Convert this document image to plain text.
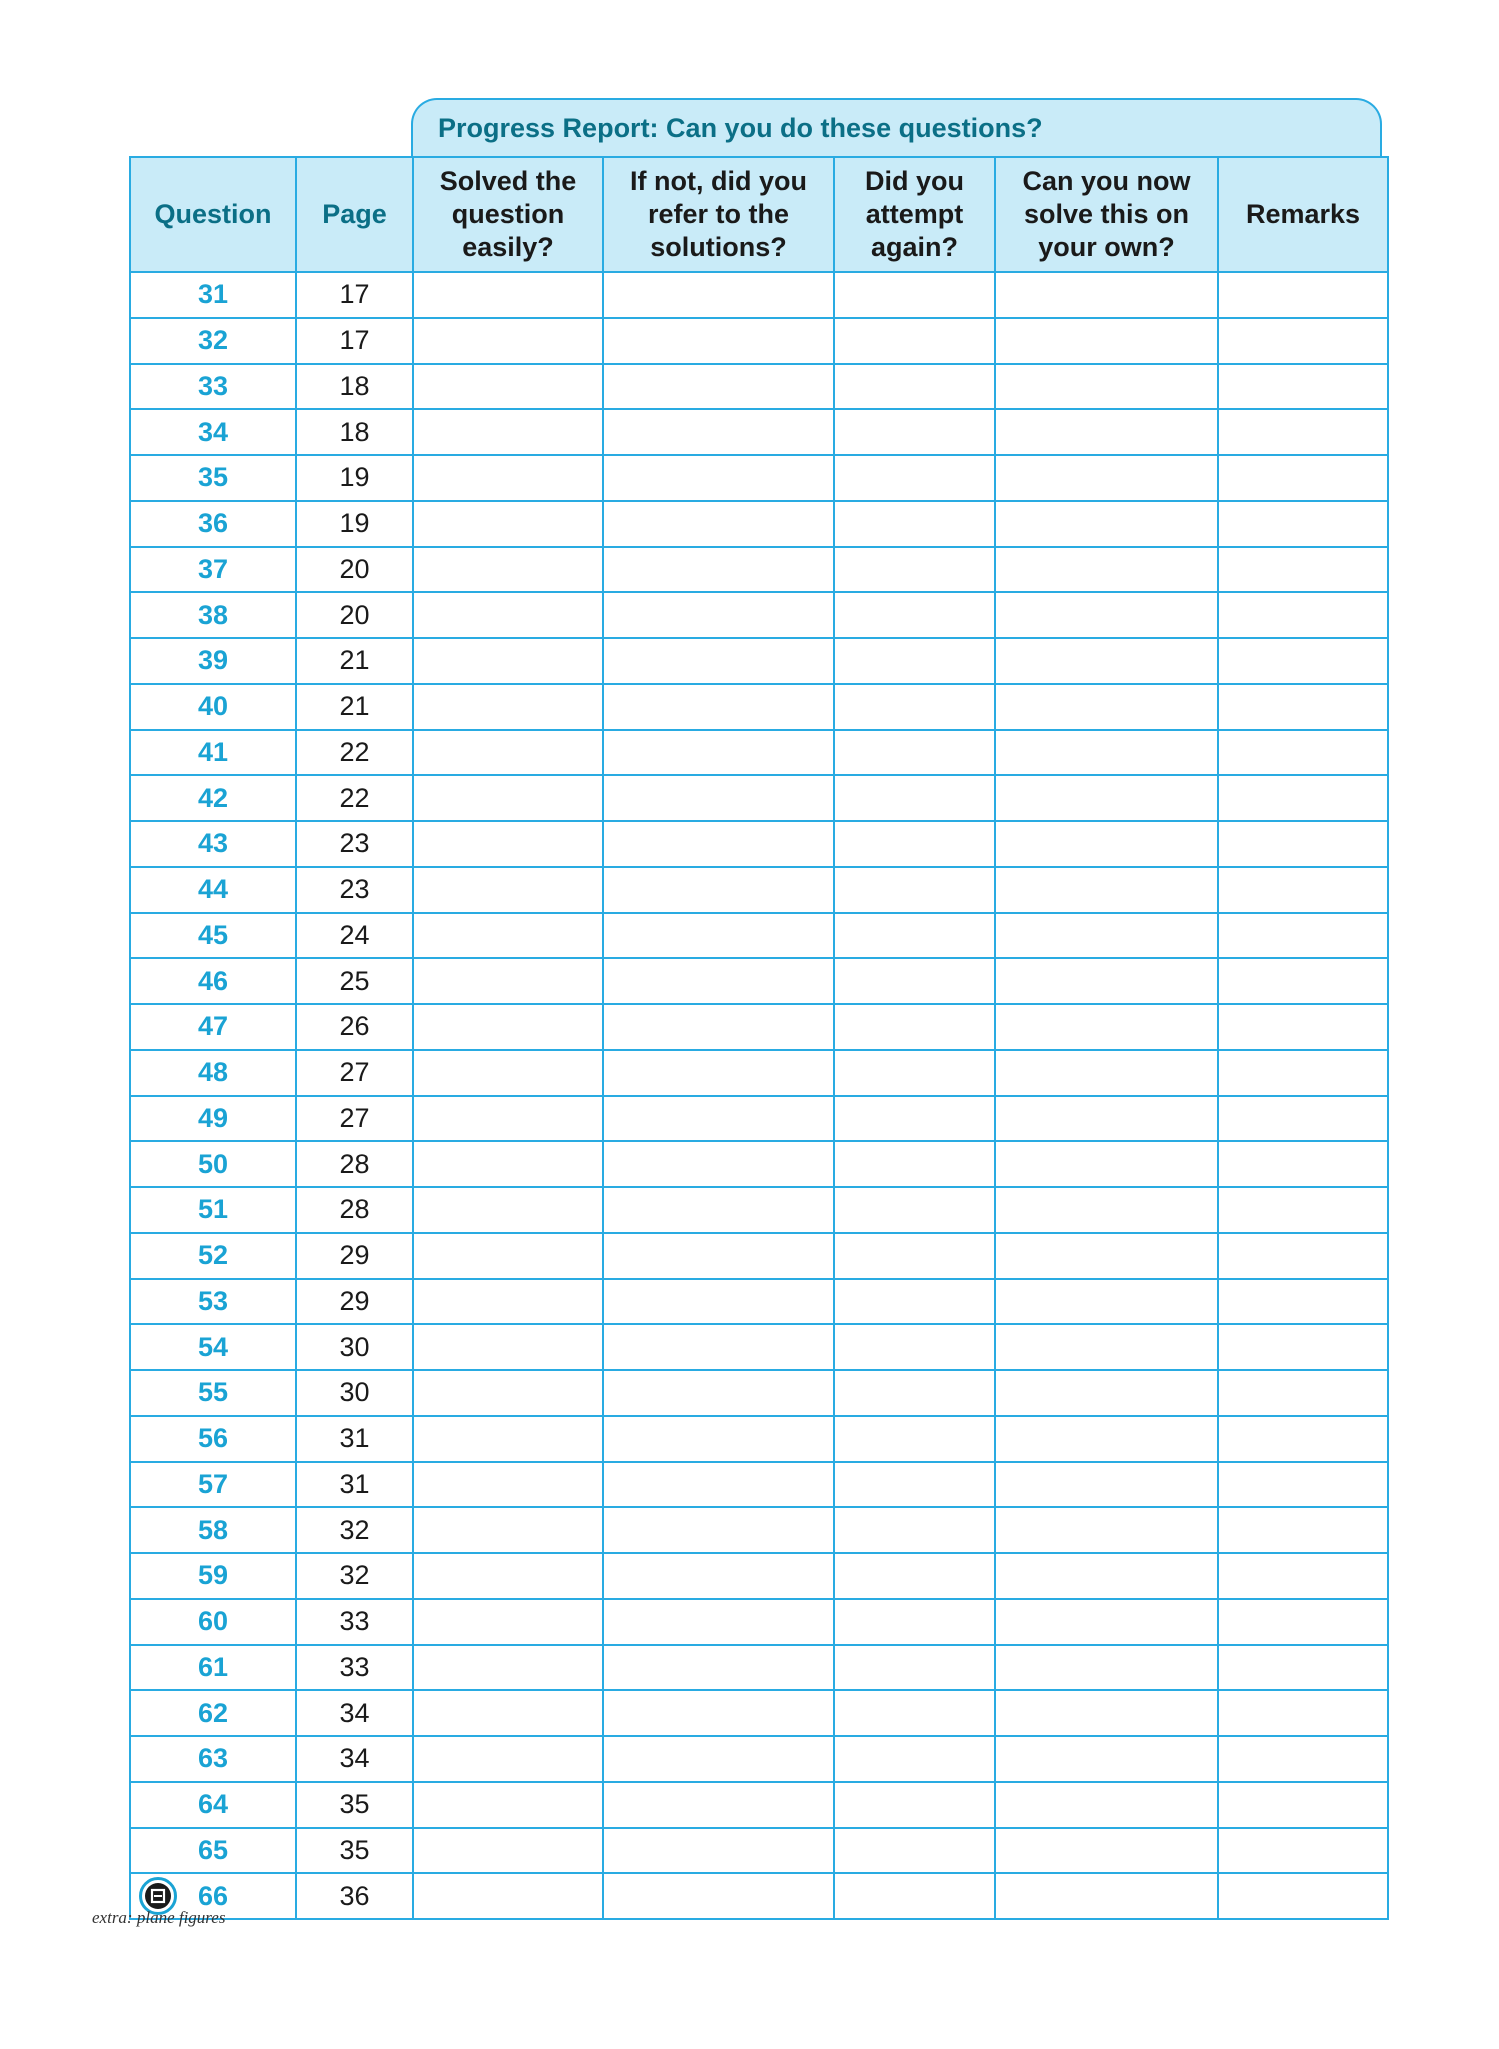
Progress Report: Can you do these questions?
Question	Page	Solved the
question
easily?	If not, did you
refer to the
solutions?	Did you
attempt
again?	Can you now
solve this on
your own?	Remarks
31	17					
32	17					
33	18					
34	18					
35	19					
36	19					
37	20					
38	20					
39	21					
40	21					
41	22					
42	22					
43	23					
44	23					
45	24					
46	25					
47	26					
48	27					
49	27					
50	28					
51	28					
52	29					
53	29					
54	30					
55	30					
56	31					
57	31					
58	32					
59	32					
60	33					
61	33					
62	34					
63	34					
64	35					
65	35					

66	36					
extra: plane figures
